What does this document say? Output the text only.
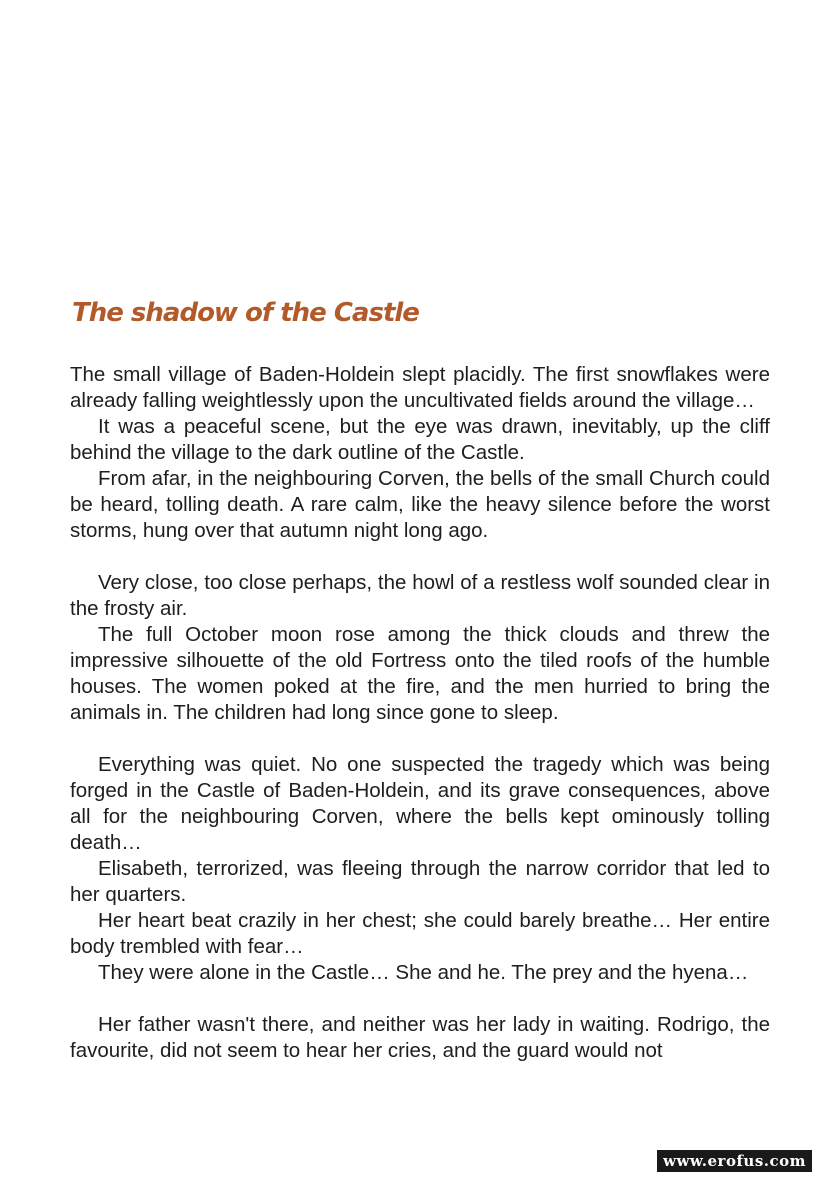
The shadow of the Castle

The small village of Baden-Holdein slept placidly. The first snowflakes were already falling weightlessly upon the uncultivated fields around the village…

It was a peaceful scene, but the eye was drawn, inevitably, up the cliff behind the village to the dark outline of the Castle.

From afar, in the neighbouring Corven, the bells of the small Church could be heard, tolling death. A rare calm, like the heavy silence before the worst storms, hung over that autumn night long ago.

Very close, too close perhaps, the howl of a restless wolf sounded clear in the frosty air.

The full October moon rose among the thick clouds and threw the impressive silhouette of the old Fortress onto the tiled roofs of the humble houses. The women poked at the fire, and the men hurried to bring the animals in. The children had long since gone to sleep.

Everything was quiet. No one suspected the tragedy which was being forged in the Castle of Baden-Holdein, and its grave consequences, above all for the neighbouring Corven, where the bells kept ominously tolling death…

Elisabeth, terrorized, was fleeing through the narrow corridor that led to her quarters.

Her heart beat crazily in her chest; she could barely breathe… Her entire body trembled with fear…

They were alone in the Castle… She and he. The prey and the hyena…

Her father wasn't there, and neither was her lady in waiting. Rodrigo, the favourite, did not seem to hear her cries, and the guard would not

www.erofus.com
